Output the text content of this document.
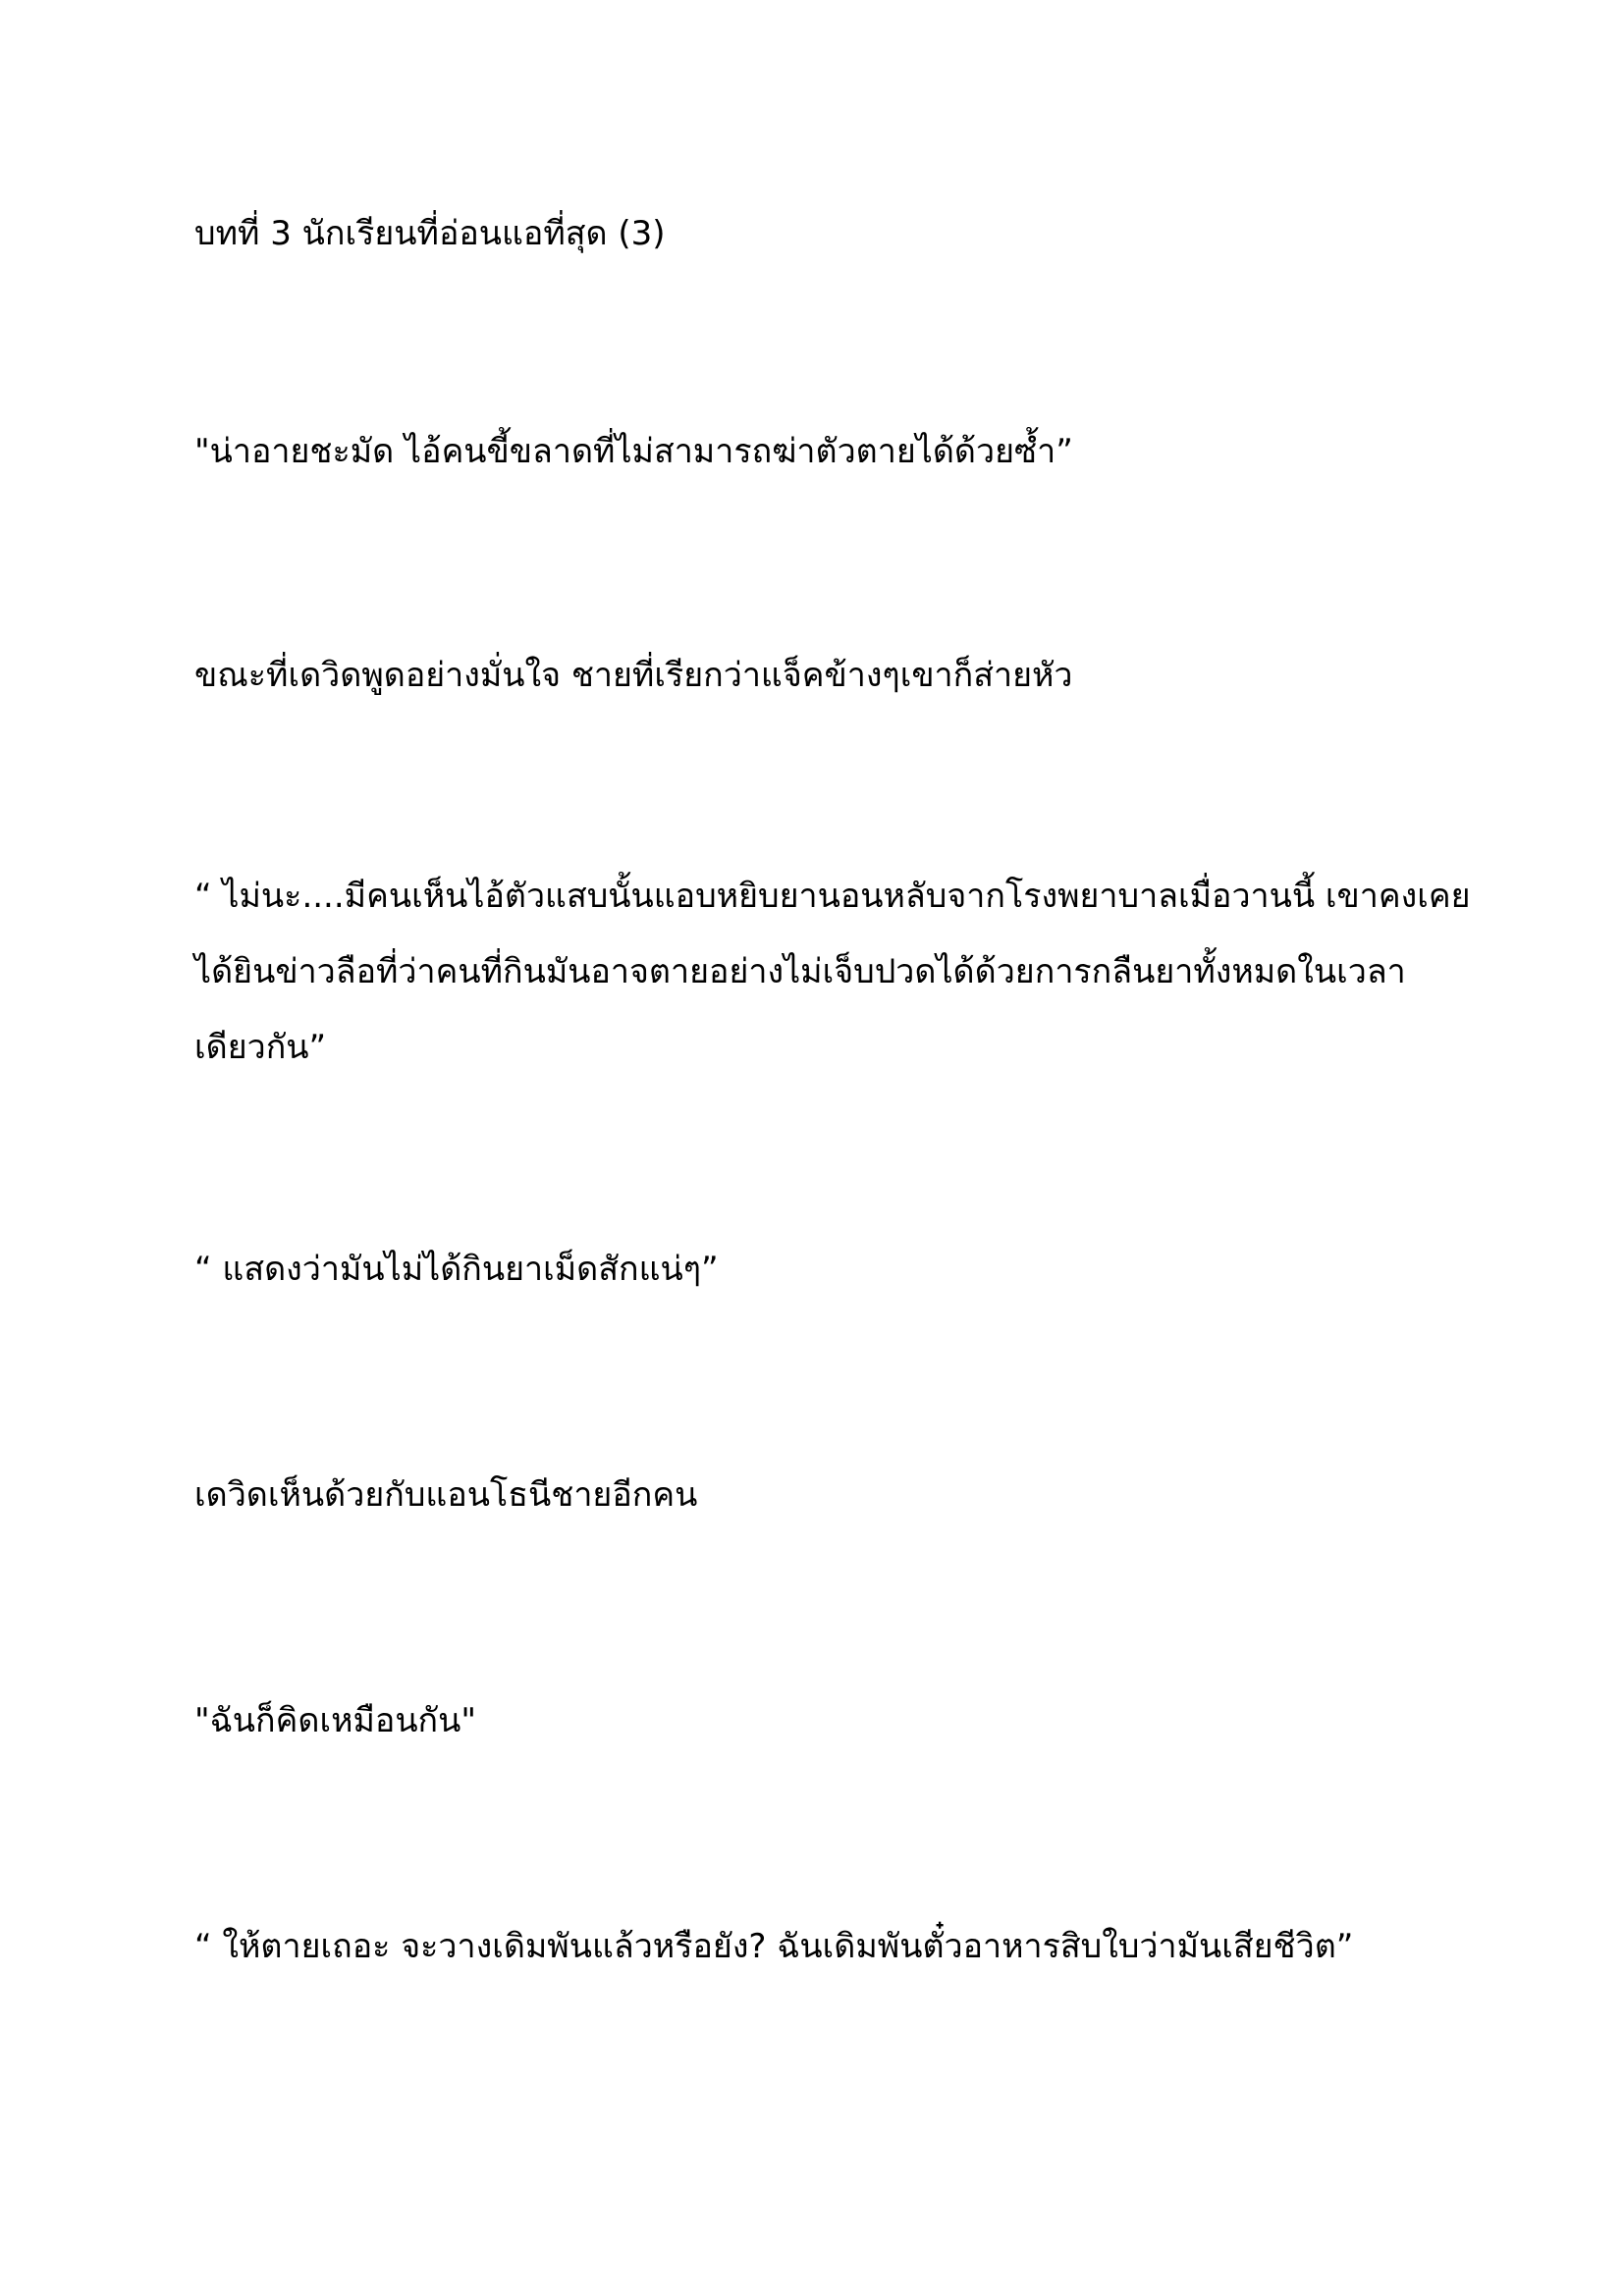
บทที่ 3 นักเรียนที่อ่อนแอที่สุด (3)

"น่าอายชะมัด ไอ้คนขี้ขลาดที่ไม่สามารถฆ่าตัวตายได้ด้วยซ้ำ”

ขณะที่เดวิดพูดอย่างมั่นใจ ชายที่เรียกว่าแจ็คข้างๆเขาก็ส่ายหัว

“ ไม่นะ....มีคนเห็นไอ้ตัวแสบนั้นแอบหยิบยานอนหลับจากโรงพยาบาลเมื่อวานนี้ เขาคงเคยได้ยินข่าวลือที่ว่าคนที่กินมันอาจตายอย่างไม่เจ็บปวดได้ด้วยการกลืนยาทั้งหมดในเวลาเดียวกัน”

“ แสดงว่ามันไม่ได้กินยาเม็ดสักแน่ๆ”

เดวิดเห็นด้วยกับแอนโธนีชายอีกคน

"ฉันก็คิดเหมือนกัน"

“ ให้ตายเถอะ จะวางเดิมพันแล้วหรือยัง? ฉันเดิมพันตั๋วอาหารสิบใบว่ามันเสียชีวิต”
